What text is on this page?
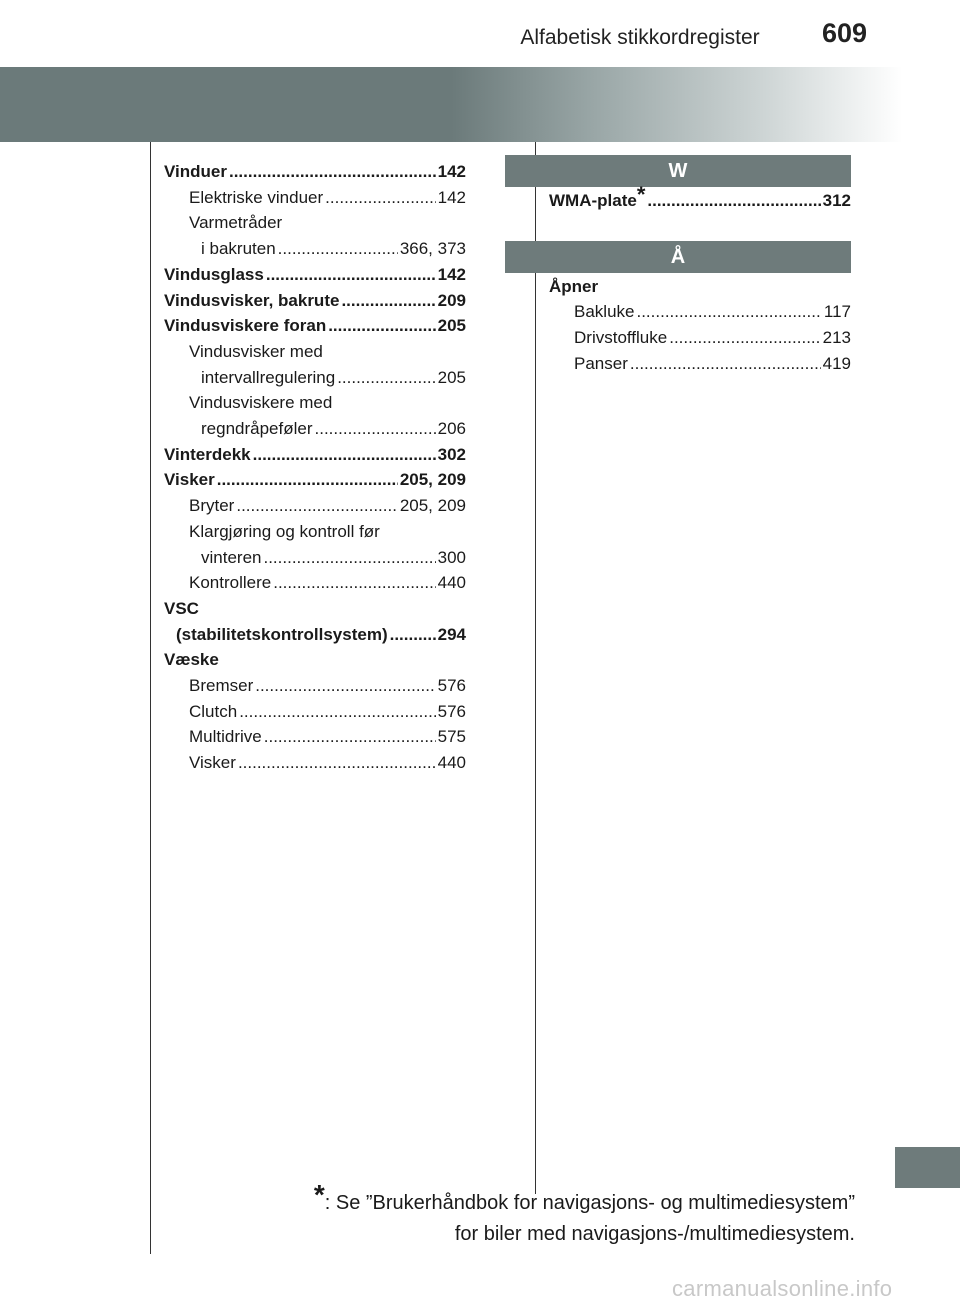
Alfabetisk stikkordregister	609
Vinduer .....	142
Elektriske vinduer .....	142
Varmetråder
i bakruten .....	366, 373
Vindusglass .....	142
Vindusvisker, bakrute .....	209
Vindusviskere foran .....	205
Vindusvisker med
intervallregulering .....	205
Vindusviskere med
regndråpeføler .....	206
Vinterdekk .....	302
Visker .....	205, 209
Bryter .....	205, 209
Klargjøring og kontroll før
vinteren .....	300
Kontrollere .....	440
VSC
(stabilitetskontrollsystem) .....	294
Væske
Bremser .....	576
Clutch .....	576
Multidrive .....	575
Visker .....	440
W
Å
WMA-plate* .....	312
Åpner
Bakluke .....	117
Drivstoffluke .....	213
Panser .....	419
*: Se ”Brukerhåndbok for navigasjons- og multimediesystem”
for biler med navigasjons-/multimediesystem.
carmanualsonline.info
